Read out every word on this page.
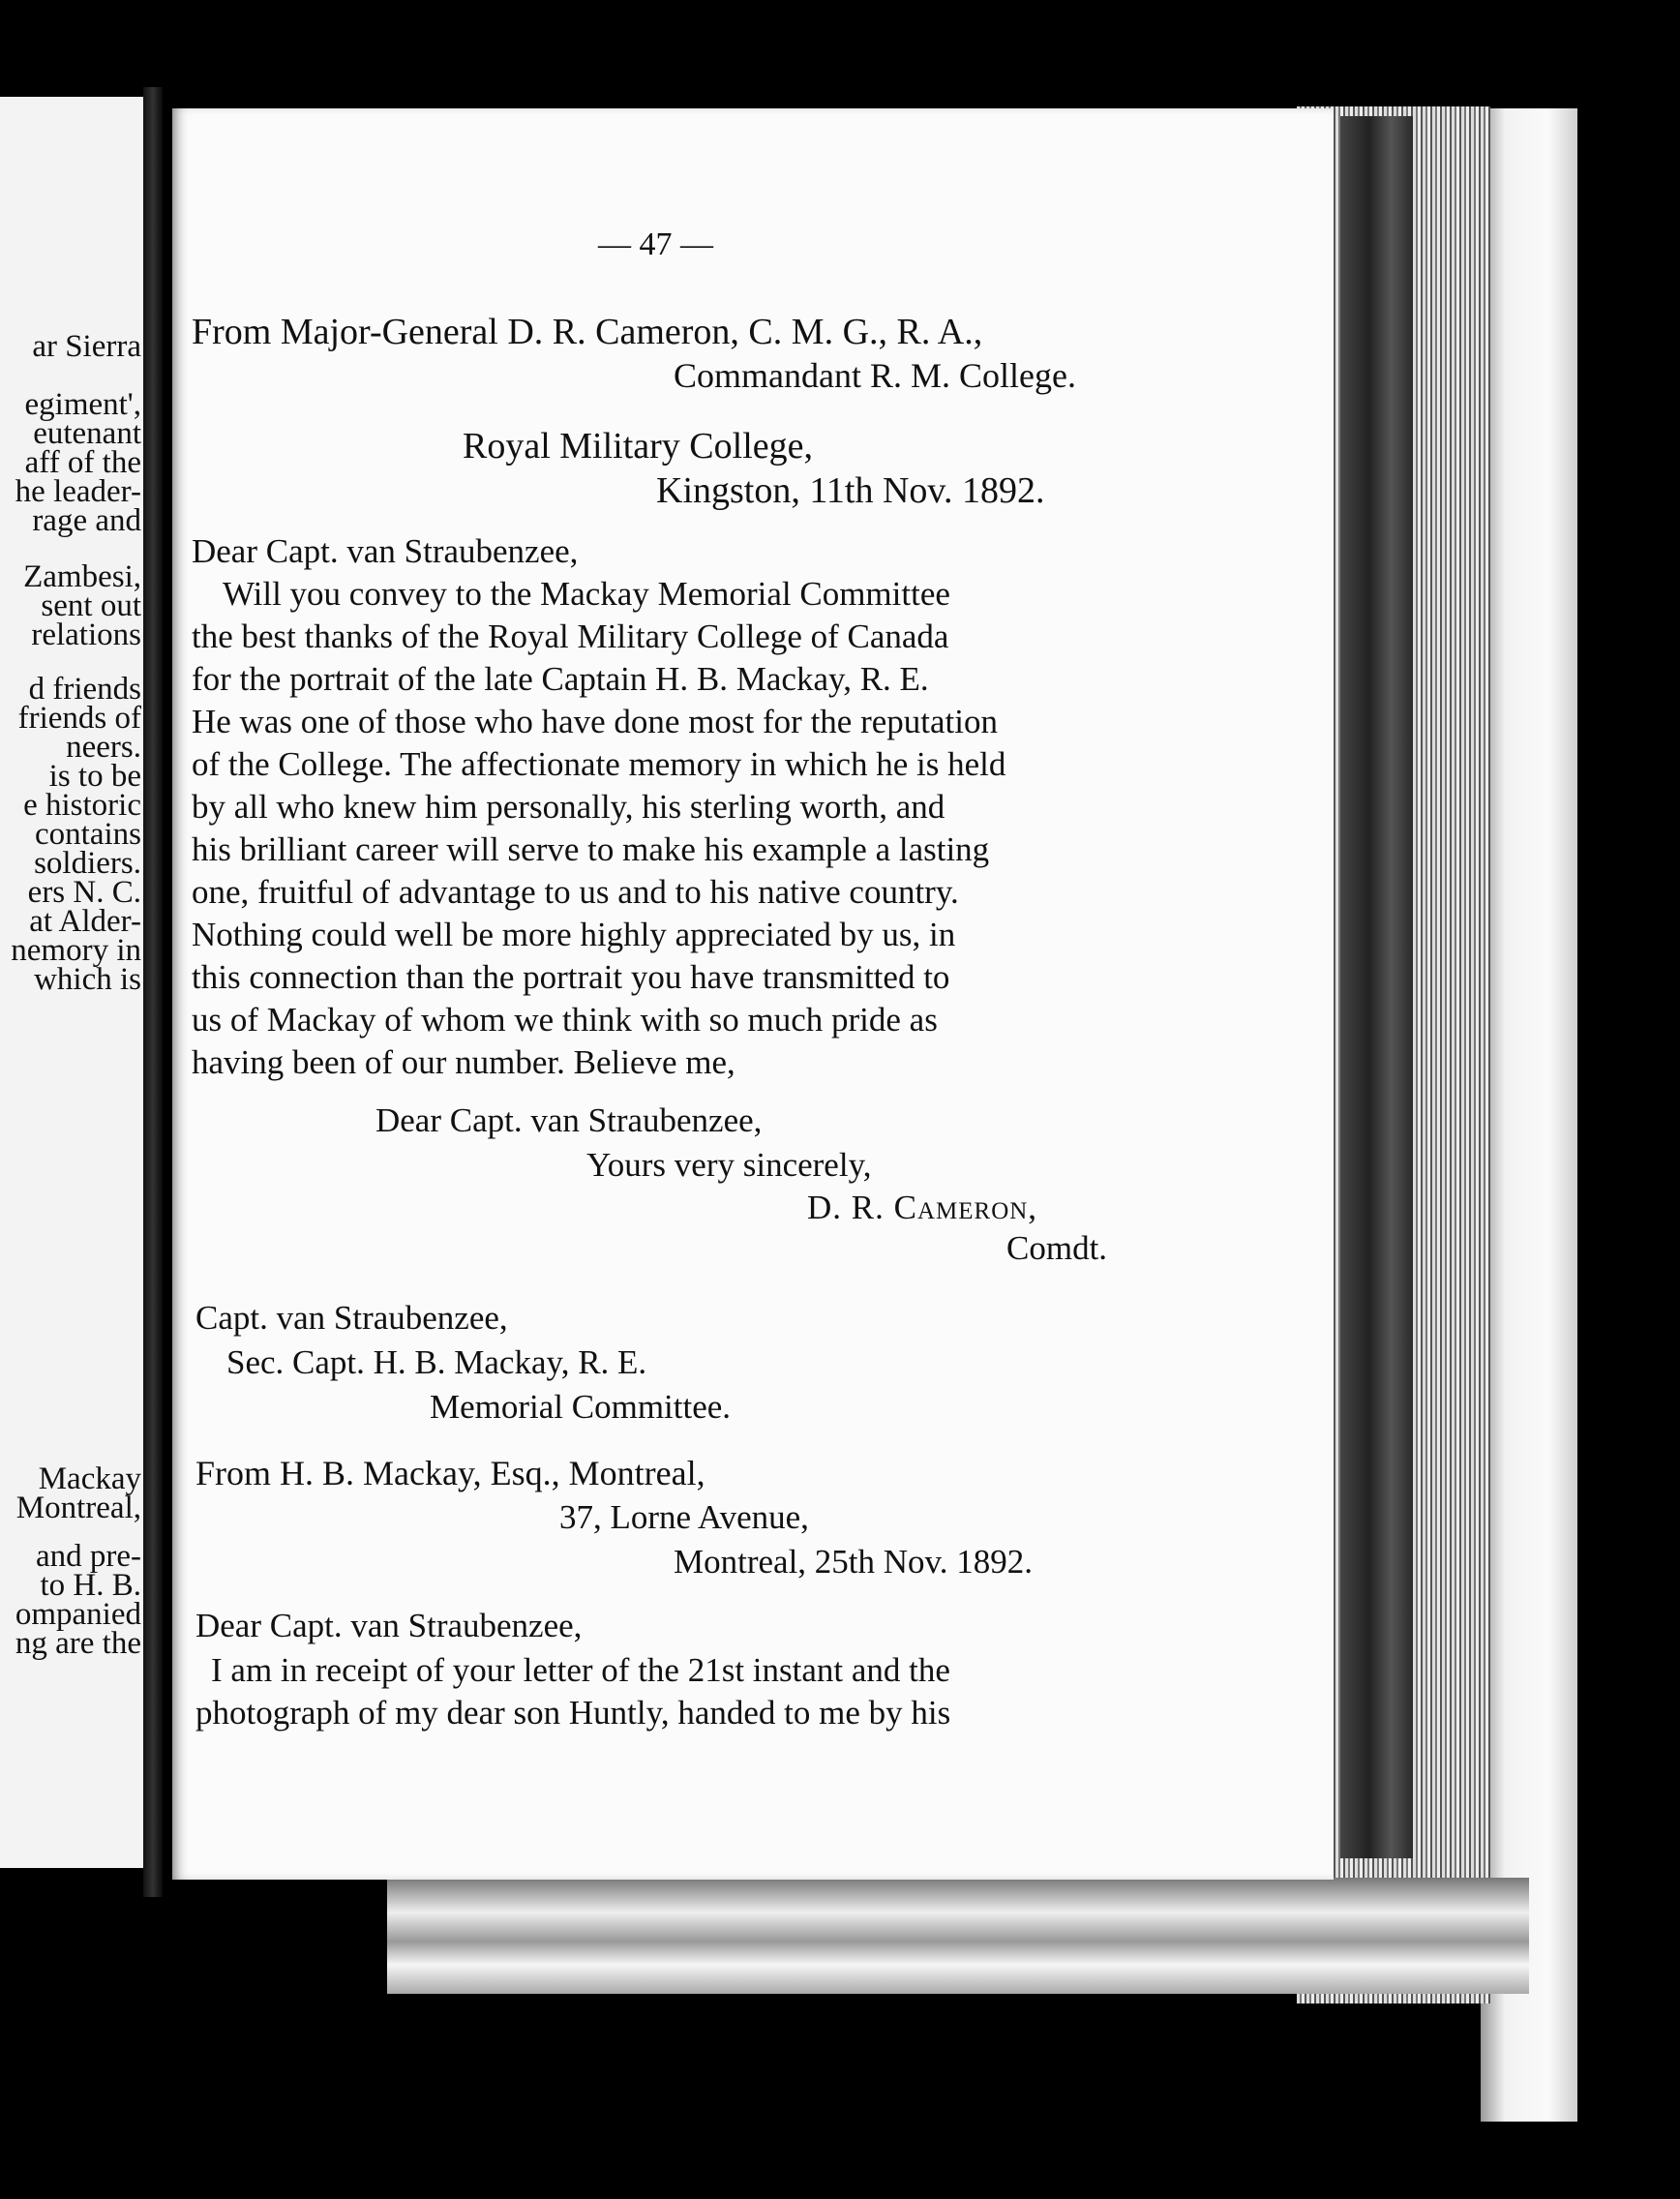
ar Sierra
egiment',
eutenant
aff of the
he leader-
rage and
Zambesi,
sent out
relations
d friends
friends of
neers.
is to be
e historic
contains
soldiers.
ers N. C.
at Alder-
nemory in
which is
Mackay
Montreal,
and pre-
to H. B.
ompanied
ng are the
— 47 —
From Major-General D. R. Cameron, C. M. G., R. A.,
Commandant R. M. College.
Royal Military College,
Kingston, 11th Nov. 1892.
Dear Capt. van Straubenzee,
Will you convey to the Mackay Memorial Committee
the best thanks of the Royal Military College of Canada
for the portrait of the late Captain H. B. Mackay, R. E.
He was one of those who have done most for the reputation
of the College. The affectionate memory in which he is held
by all who knew him personally, his sterling worth, and
his brilliant career will serve to make his example a lasting
one, fruitful of advantage to us and to his native country.
Nothing could well be more highly appreciated by us, in
this connection than the portrait you have transmitted to
us of Mackay of whom we think with so much pride as
having been of our number. Believe me,
Dear Capt. van Straubenzee,
Yours very sincerely,
D. R. Cameron,
Comdt.
Capt. van Straubenzee,
Sec. Capt. H. B. Mackay, R. E.
Memorial Committee.
From H. B. Mackay, Esq., Montreal,
37, Lorne Avenue,
Montreal, 25th Nov. 1892.
Dear Capt. van Straubenzee,
I am in receipt of your letter of the 21st instant and the
photograph of my dear son Huntly, handed to me by his
